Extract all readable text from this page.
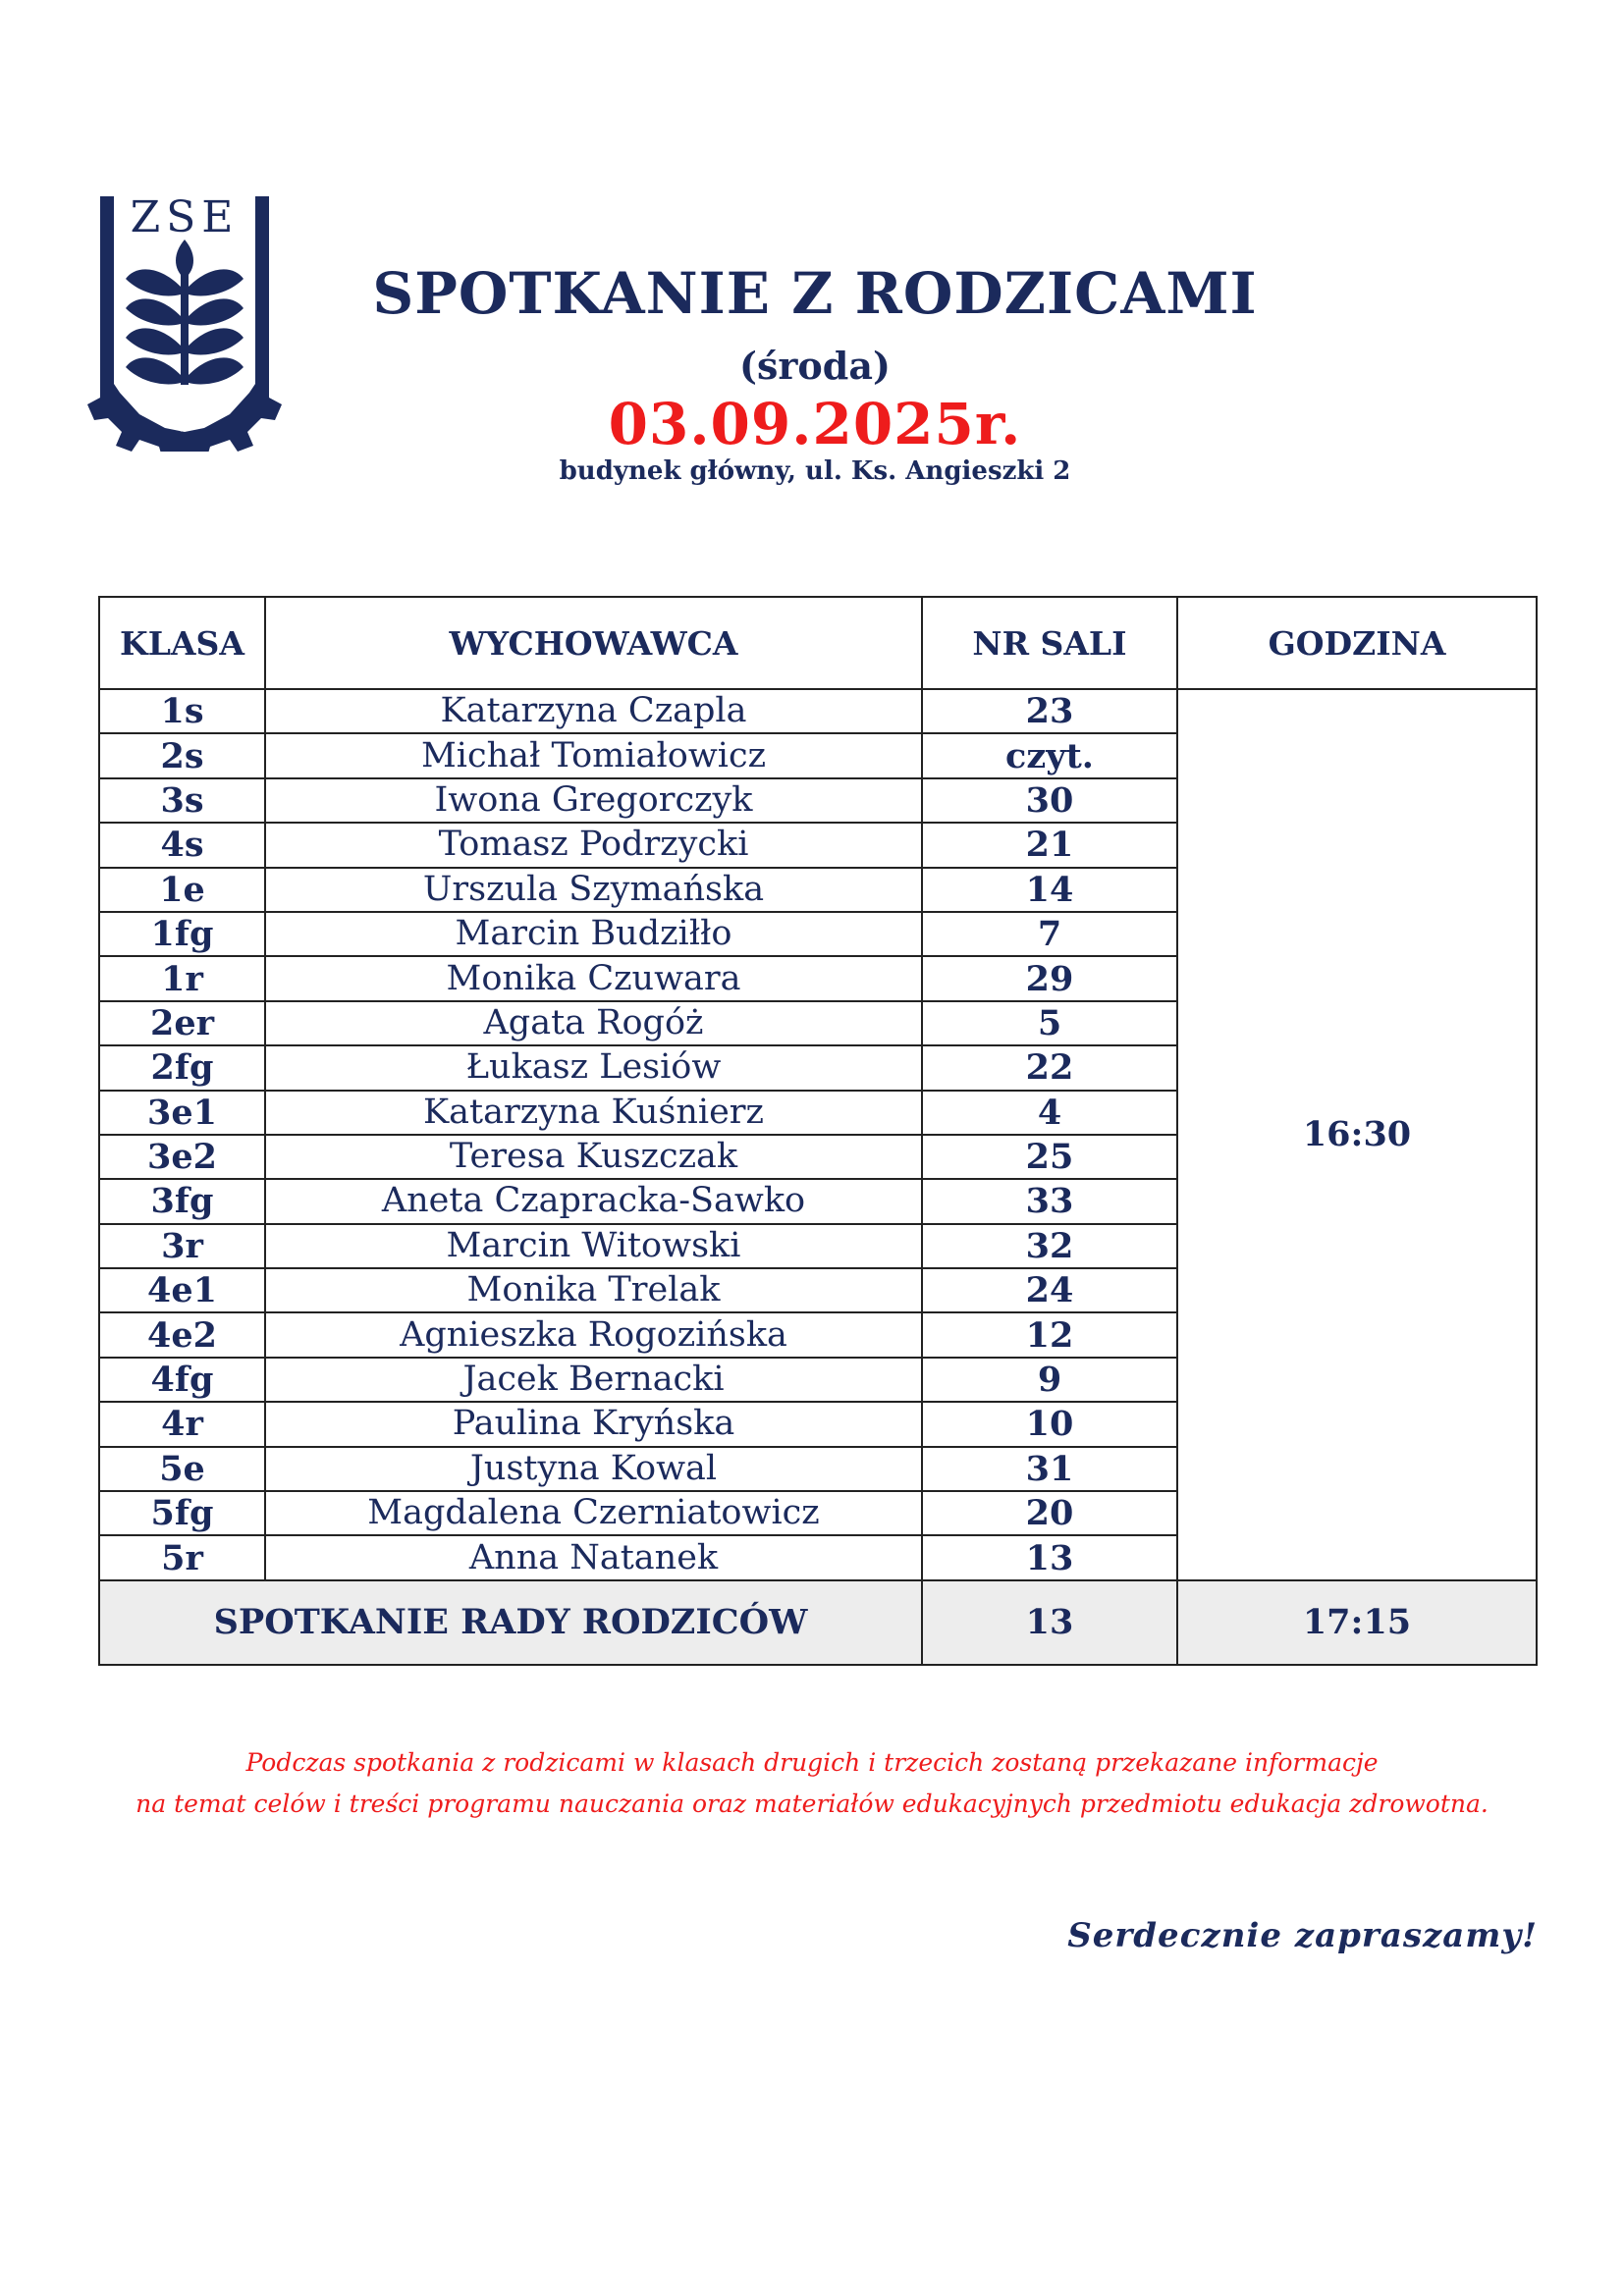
ZSE
im. Wincentego Styka
SPOTKANIE Z RODZICAMI
(środa)
03.09.2025r.
budynek główny, ul. Ks. Angieszki 2
KLASA	WYCHOWAWCA	NR SALI	GODZINA
1s	Katarzyna Czapla	23	16:30
2s	Michał Tomiałowicz	czyt.	
3s	Iwona Gregorczyk	30	
4s	Tomasz Podrzycki	21	
1e	Urszula Szymańska	14	
1fg	Marcin Budziłło	7	
1r	Monika Czuwara	29	
2er	Agata Rogóż	5	
2fg	Łukasz Lesiów	22	
3e1	Katarzyna Kuśnierz	4	
3e2	Teresa Kuszczak	25	
3fg	Aneta Czapracka-Sawko	33	
3r	Marcin Witowski	32	
4e1	Monika Trelak	24	
4e2	Agnieszka Rogozińska	12	
4fg	Jacek Bernacki	9	
4r	Paulina Kryńska	10	
5e	Justyna Kowal	31	
5fg	Magdalena Czerniatowicz	20	
5r	Anna Natanek	13	
SPOTKANIE RADY RODZICÓW		13	17:15
Podczas spotkania z rodzicami w klasach drugich i trzecich zostaną przekazane informacje
na temat celów i treści programu nauczania oraz materiałów edukacyjnych przedmiotu edukacja zdrowotna.
Serdecznie zapraszamy!
